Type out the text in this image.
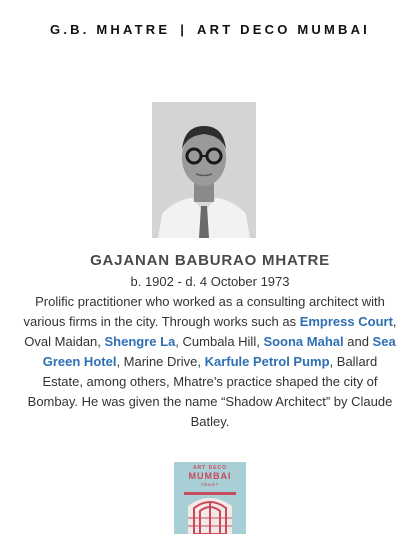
G.B. MHATRE | ART DECO MUMBAI
GAJANAN BABURAO MHATRE
b. 1902 - d. 4 October 1973

Prolific practitioner who worked as a consulting architect with various firms in the city. Through works such as Empress Court, Oval Maidan, Shengre La, Cumbala Hill, Soona Mahal and Sea Green Hotel, Marine Drive, Karfule Petrol Pump, Ballard Estate, among others, Mhatre’s practice shaped the city of Bombay. He was given the name “Shadow Architect” by Claude Batley.

ART DECO
MUMBAI
TRUST
